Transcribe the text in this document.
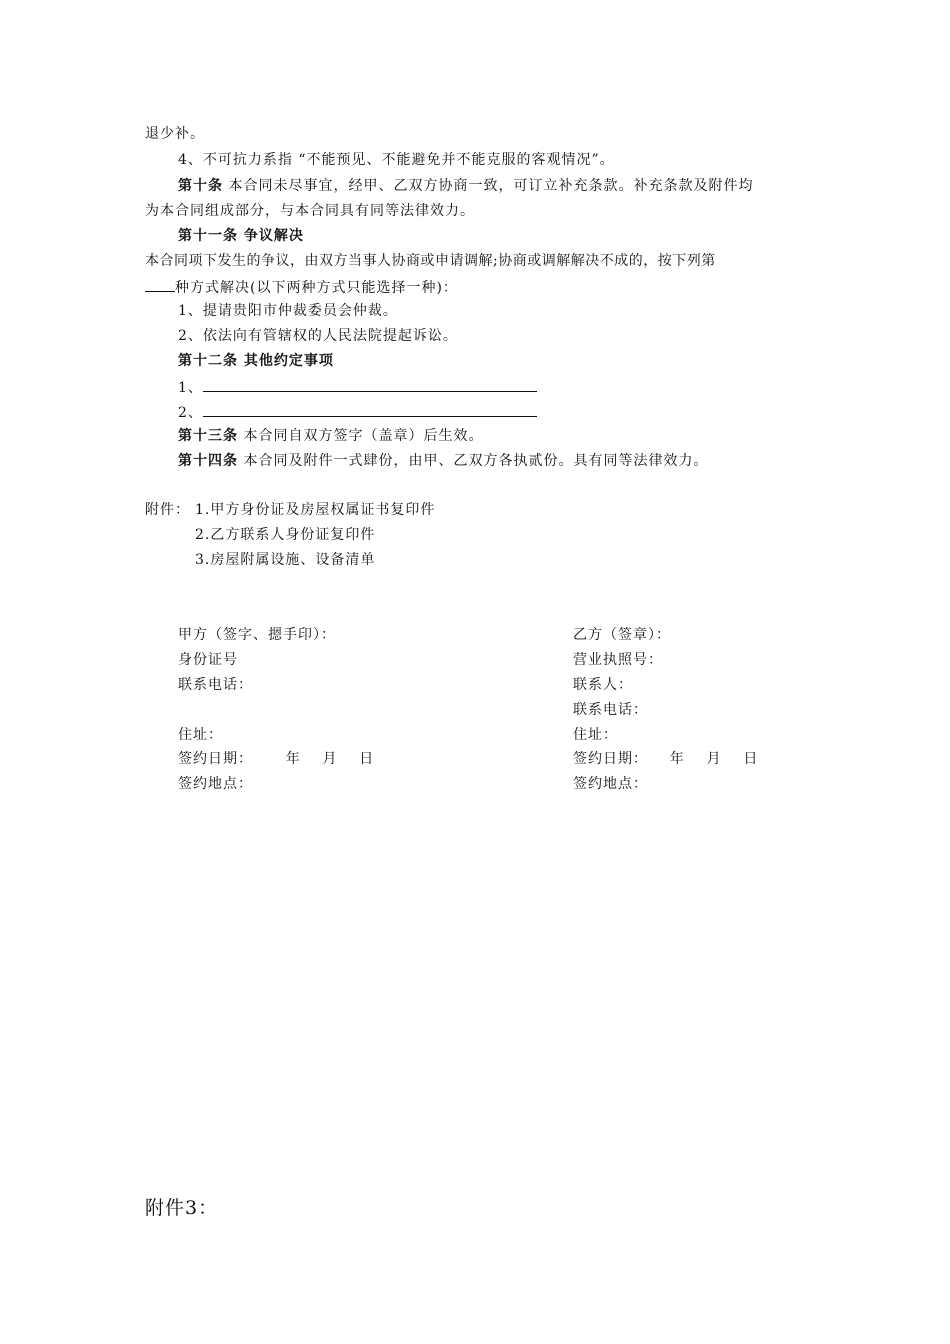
退少补。
4、不可抗力系指 “不能预见、不能避免并不能克服的客观情况”。
第十条 本合同未尽事宜，经甲、乙双方协商一致，可订立补充条款。补充条款及附件均
为本合同组成部分，与本合同具有同等法律效力。
第十一条 争议解决
本合同项下发生的争议，由双方当事人协商或申请调解;协商或调解解决不成的，按下列第
种方式解决(以下两种方式只能选择一种)：
1、提请贵阳市仲裁委员会仲裁。
2、依法向有管辖权的人民法院提起诉讼。
第十二条 其他约定事项
1、
2、
第十三条 本合同自双方签字（盖章）后生效。
第十四条 本合同及附件一式肆份，由甲、乙双方各执贰份。具有同等法律效力。
附件： 1.甲方身份证及房屋权属证书复印件
2.乙方联系人身份证复印件
3.房屋附属设施、设备清单
甲方（签字、摁手印）：
身份证号
联系电话：
住址：
签约日期：      年    月    日
签约地点：
乙方（签章）：
营业执照号：
联系人：
联系电话：
住址：
签约日期：    年    月    日
签约地点：
附件3：
